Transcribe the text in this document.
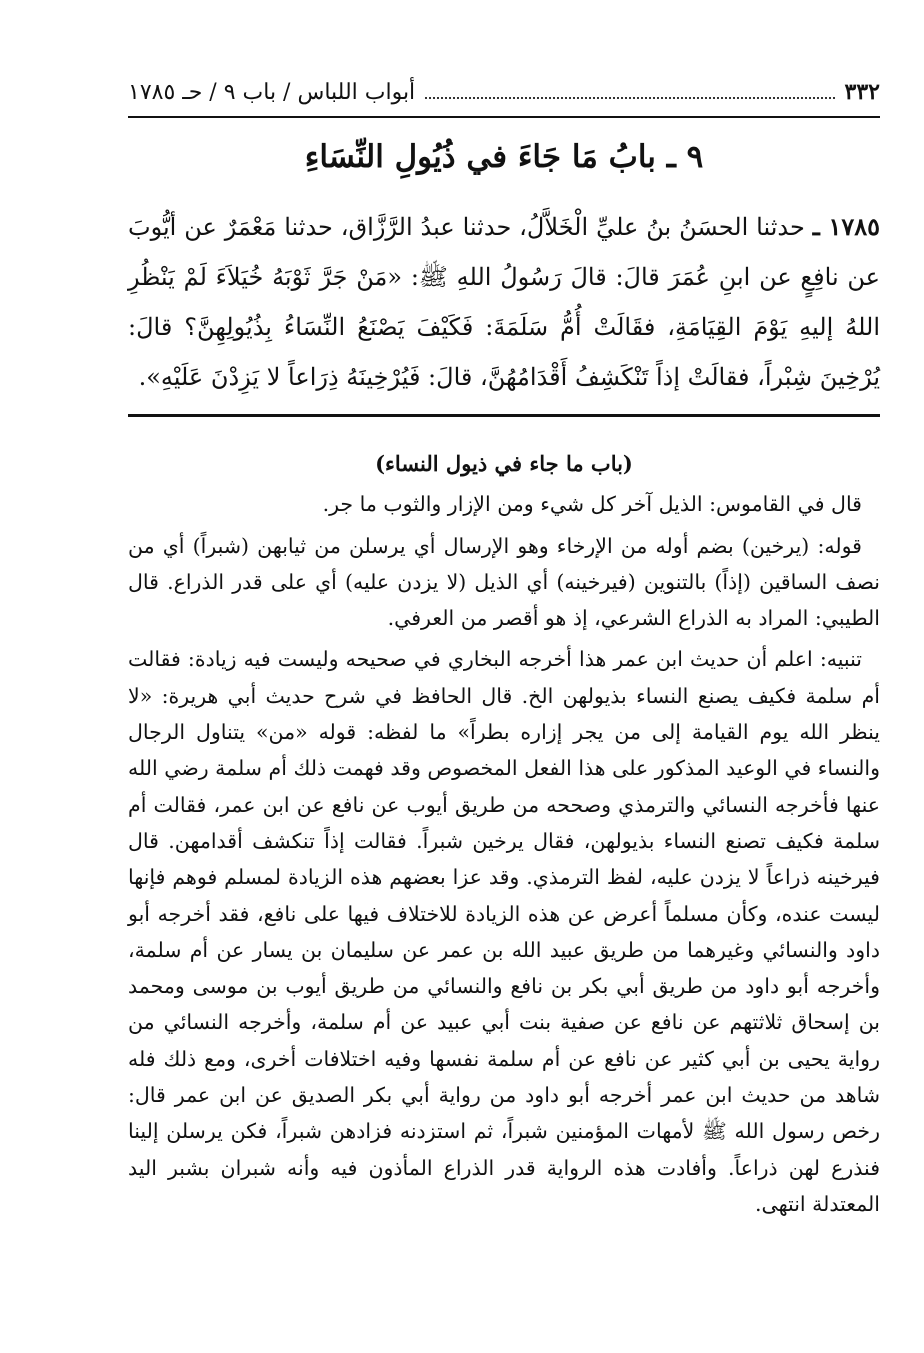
٣٣٢
أبواب اللباس / باب ٩ / حـ ١٧٨٥
٩ ـ بابُ مَا جَاءَ في ذُيُولِ النِّسَاءِ

١٧٨٥ ـ حدثنا الحسَنُ بنُ عليِّ الْخَلاَّلُ، حدثنا عبدُ الرَّزَّاق، حدثنا مَعْمَرٌ عن أيُّوبَ عن نافِعٍ عن ابنِ عُمَرَ قالَ: قالَ رَسُولُ اللهِ ﷺ: «مَنْ جَرَّ ثَوْبَهُ خُيَلاَءَ لَمْ يَنْظُرِ اللهُ إليهِ يَوْمَ القِيَامَةِ، فقَالَتْ أُمُّ سَلَمَةَ: فَكَيْفَ يَصْنَعُ النِّسَاءُ بِذُيُولِهِنَّ؟ قالَ: يُرْخِينَ شِبْراً، فقالَتْ إذاً تَنْكَشِفُ أَقْدَامُهُنَّ، قالَ: فَيُرْخِينَهُ ذِرَاعاً لا يَزِدْنَ عَلَيْهِ».

(باب ما جاء في ذيول النساء)

قال في القاموس: الذيل آخر كل شيء ومن الإزار والثوب ما جر.

قوله: (يرخين) بضم أوله من الإرخاء وهو الإرسال أي يرسلن من ثيابهن (شبراً) أي من نصف الساقين (إذاً) بالتنوين (فيرخينه) أي الذيل (لا يزدن عليه) أي على قدر الذراع. قال الطيبي: المراد به الذراع الشرعي، إذ هو أقصر من العرفي.

تنبيه: اعلم أن حديث ابن عمر هذا أخرجه البخاري في صحيحه وليست فيه زيادة: فقالت أم سلمة فكيف يصنع النساء بذيولهن الخ. قال الحافظ في شرح حديث أبي هريرة: «لا ينظر الله يوم القيامة إلى من يجر إزاره بطراً» ما لفظه: قوله «من» يتناول الرجال والنساء في الوعيد المذكور على هذا الفعل المخصوص وقد فهمت ذلك أم سلمة رضي الله عنها فأخرجه النسائي والترمذي وصححه من طريق أيوب عن نافع عن ابن عمر، فقالت أم سلمة فكيف تصنع النساء بذيولهن، فقال يرخين شبراً. فقالت إذاً تنكشف أقدامهن. قال فيرخينه ذراعاً لا يزدن عليه، لفظ الترمذي. وقد عزا بعضهم هذه الزيادة لمسلم فوهم فإنها ليست عنده، وكأن مسلماً أعرض عن هذه الزيادة للاختلاف فيها على نافع، فقد أخرجه أبو داود والنسائي وغيرهما من طريق عبيد الله بن عمر عن سليمان بن يسار عن أم سلمة، وأخرجه أبو داود من طريق أبي بكر بن نافع والنسائي من طريق أيوب بن موسى ومحمد بن إسحاق ثلاثتهم عن نافع عن صفية بنت أبي عبيد عن أم سلمة، وأخرجه النسائي من رواية يحيى بن أبي كثير عن نافع عن أم سلمة نفسها وفيه اختلافات أخرى، ومع ذلك فله شاهد من حديث ابن عمر أخرجه أبو داود من رواية أبي بكر الصديق عن ابن عمر قال: رخص رسول الله ﷺ لأمهات المؤمنين شبراً، ثم استزدنه فزادهن شبراً، فكن يرسلن إلينا فنذرع لهن ذراعاً. وأفادت هذه الرواية قدر الذراع المأذون فيه وأنه شبران بشبر اليد المعتدلة انتهى.
